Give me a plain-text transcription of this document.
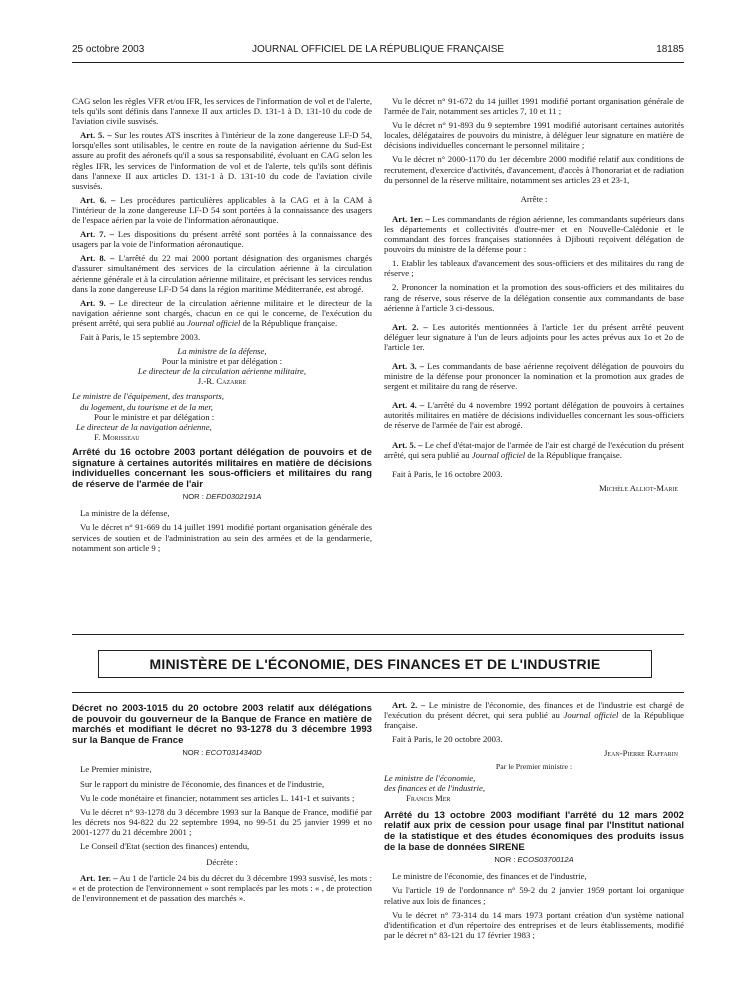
25 octobre 2003	JOURNAL OFFICIEL DE LA RÉPUBLIQUE FRANÇAISE	18185

CAG selon les règles VFR et/ou IFR, les services de l'information de vol et de l'alerte, tels qu'ils sont définis dans l'annexe II aux articles D. 131-1 à D. 131-10 du code de l'aviation civile susvisés.

Art. 5. – Sur les routes ATS inscrites à l'intérieur de la zone dangereuse LF-D 54, lorsqu'elles sont utilisables, le centre en route de la navigation aérienne du Sud-Est assure au profit des aéronefs qu'il a sous sa responsabilité, évoluant en CAG selon les règles IFR, les services de l'information de vol et de l'alerte, tels qu'ils sont définis dans l'annexe II aux articles D. 131-1 à D. 131-10 du code de l'aviation civile susvisés.

Art. 6. – Les procédures particulières applicables à la CAG et à la CAM à l'intérieur de la zone dangereuse LF-D 54 sont portées à la connaissance des usagers de l'espace aérien par la voie de l'information aéronautique.

Art. 7. – Les dispositions du présent arrêté sont portées à la connaissance des usagers par la voie de l'information aéronautique.

Art. 8. – L'arrêté du 22 mai 2000 portant désignation des organismes chargés d'assurer simultanément des services de la circulation aérienne à la circulation aérienne générale et à la circulation aérienne militaire, et précisant les services rendus dans la zone dangereuse LF-D 54 dans la région maritime Méditerranée, est abrogé.

Art. 9. – Le directeur de la circulation aérienne militaire et le directeur de la navigation aérienne sont chargés, chacun en ce qui le concerne, de l'exécution du présent arrêté, qui sera publié au Journal officiel de la République française.

Fait à Paris, le 15 septembre 2003.

La ministre de la défense,

Pour la ministre et par délégation :

Le directeur de la circulation aérienne militaire,

J.-R. Cazarre

Le ministre de l'équipement, des transports,

du logement, du tourisme et de la mer,

Pour le ministre et par délégation :

Le directeur de la navigation aérienne,

F. Morisseau

Arrêté du 16 octobre 2003 portant délégation de pouvoirs et de signature à certaines autorités militaires en matière de décisions individuelles concernant les sous-officiers et militaires du rang de réserve de l'armée de l'air
NOR : DEFD0302191A

La ministre de la défense,

Vu le décret n° 91-669 du 14 juillet 1991 modifié portant organisation générale des services de soutien et de l'administration au sein des armées et de la gendarmerie, notamment son article 9 ;

Vu le décret n° 91-672 du 14 juillet 1991 modifié portant organisation générale de l'armée de l'air, notamment ses articles 7, 10 et 11 ;

Vu le décret n° 91-893 du 9 septembre 1991 modifié autorisant certaines autorités locales, délégataires de pouvoirs du ministre, à déléguer leur signature en matière de décisions individuelles concernant le personnel militaire ;

Vu le décret n° 2000-1170 du 1er décembre 2000 modifié relatif aux conditions de recrutement, d'exercice d'activités, d'avancement, d'accès à l'honorariat et de radiation du personnel de la réserve militaire, notamment ses articles 23 et 23-1,

Arrête :

Art. 1er. – Les commandants de région aérienne, les commandants supérieurs dans les départements et collectivités d'outre-mer et en Nouvelle-Calédonie et le commandant des forces françaises stationnées à Djibouti reçoivent délégation de pouvoirs du ministre de la défense pour :

1. Etablir les tableaux d'avancement des sous-officiers et des militaires du rang de réserve ;

2. Prononcer la nomination et la promotion des sous-officiers et des militaires du rang de réserve, sous réserve de la délégation consentie aux commandants de base aérienne à l'article 3 ci-dessous.

Art. 2. – Les autorités mentionnées à l'article 1er du présent arrêté peuvent déléguer leur signature à l'un de leurs adjoints pour les actes prévus aux 1o et 2o de l'article 1er.

Art. 3. – Les commandants de base aérienne reçoivent délégation de pouvoirs du ministre de la défense pour prononcer la nomination et la promotion aux grades de sergent et militaire du rang de réserve.

Art. 4. – L'arrêté du 4 novembre 1992 portant délégation de pouvoirs à certaines autorités militaires en matière de décisions individuelles concernant les sous-officiers de réserve de l'armée de l'air est abrogé.

Art. 5. – Le chef d'état-major de l'armée de l'air est chargé de l'exécution du présent arrêté, qui sera publié au Journal officiel de la République française.

Fait à Paris, le 16 octobre 2003.

Michèle Alliot-Marie

MINISTÈRE DE L'ÉCONOMIE, DES FINANCES ET DE L'INDUSTRIE
Décret no 2003-1015 du 20 octobre 2003 relatif aux délégations de pouvoir du gouverneur de la Banque de France en matière de marchés et modifiant le décret no 93-1278 du 3 décembre 1993 sur la Banque de France
NOR : ECOT0314340D

Le Premier ministre,

Sur le rapport du ministre de l'économie, des finances et de l'industrie,

Vu le code monétaire et financier, notamment ses articles L. 141-1 et suivants ;

Vu le décret n° 93-1278 du 3 décembre 1993 sur la Banque de France, modifié par les décrets nos 94-822 du 22 septembre 1994, no 99-51 du 25 janvier 1999 et no 2001-1277 du 21 décembre 2001 ;

Le Conseil d'Etat (section des finances) entendu,

Décrète :

Art. 1er. – Au 1 de l'article 24 bis du décret du 3 décembre 1993 susvisé, les mots : « et de protection de l'environnement » sont remplacés par les mots : « , de protection de l'environnement et de passation des marchés ».

Art. 2. – Le ministre de l'économie, des finances et de l'industrie est chargé de l'exécution du présent décret, qui sera publié au Journal officiel de la République française.

Fait à Paris, le 20 octobre 2003.

Jean-Pierre Raffarin

Par le Premier ministre :

Le ministre de l'économie,

des finances et de l'industrie,

Francis Mer

Arrêté du 13 octobre 2003 modifiant l'arrêté du 12 mars 2002 relatif aux prix de cession pour usage final par l'Institut national de la statistique et des études économiques des produits issus de la base de données SIRENE
NOR : ECOS0370012A

Le ministre de l'économie, des finances et de l'industrie,

Vu l'article 19 de l'ordonnance n° 59-2 du 2 janvier 1959 portant loi organique relative aux lois de finances ;

Vu le décret n° 73-314 du 14 mars 1973 portant création d'un système national d'identification et d'un répertoire des entreprises et de leurs établissements, modifié par le décret n° 83-121 du 17 février 1983 ;
